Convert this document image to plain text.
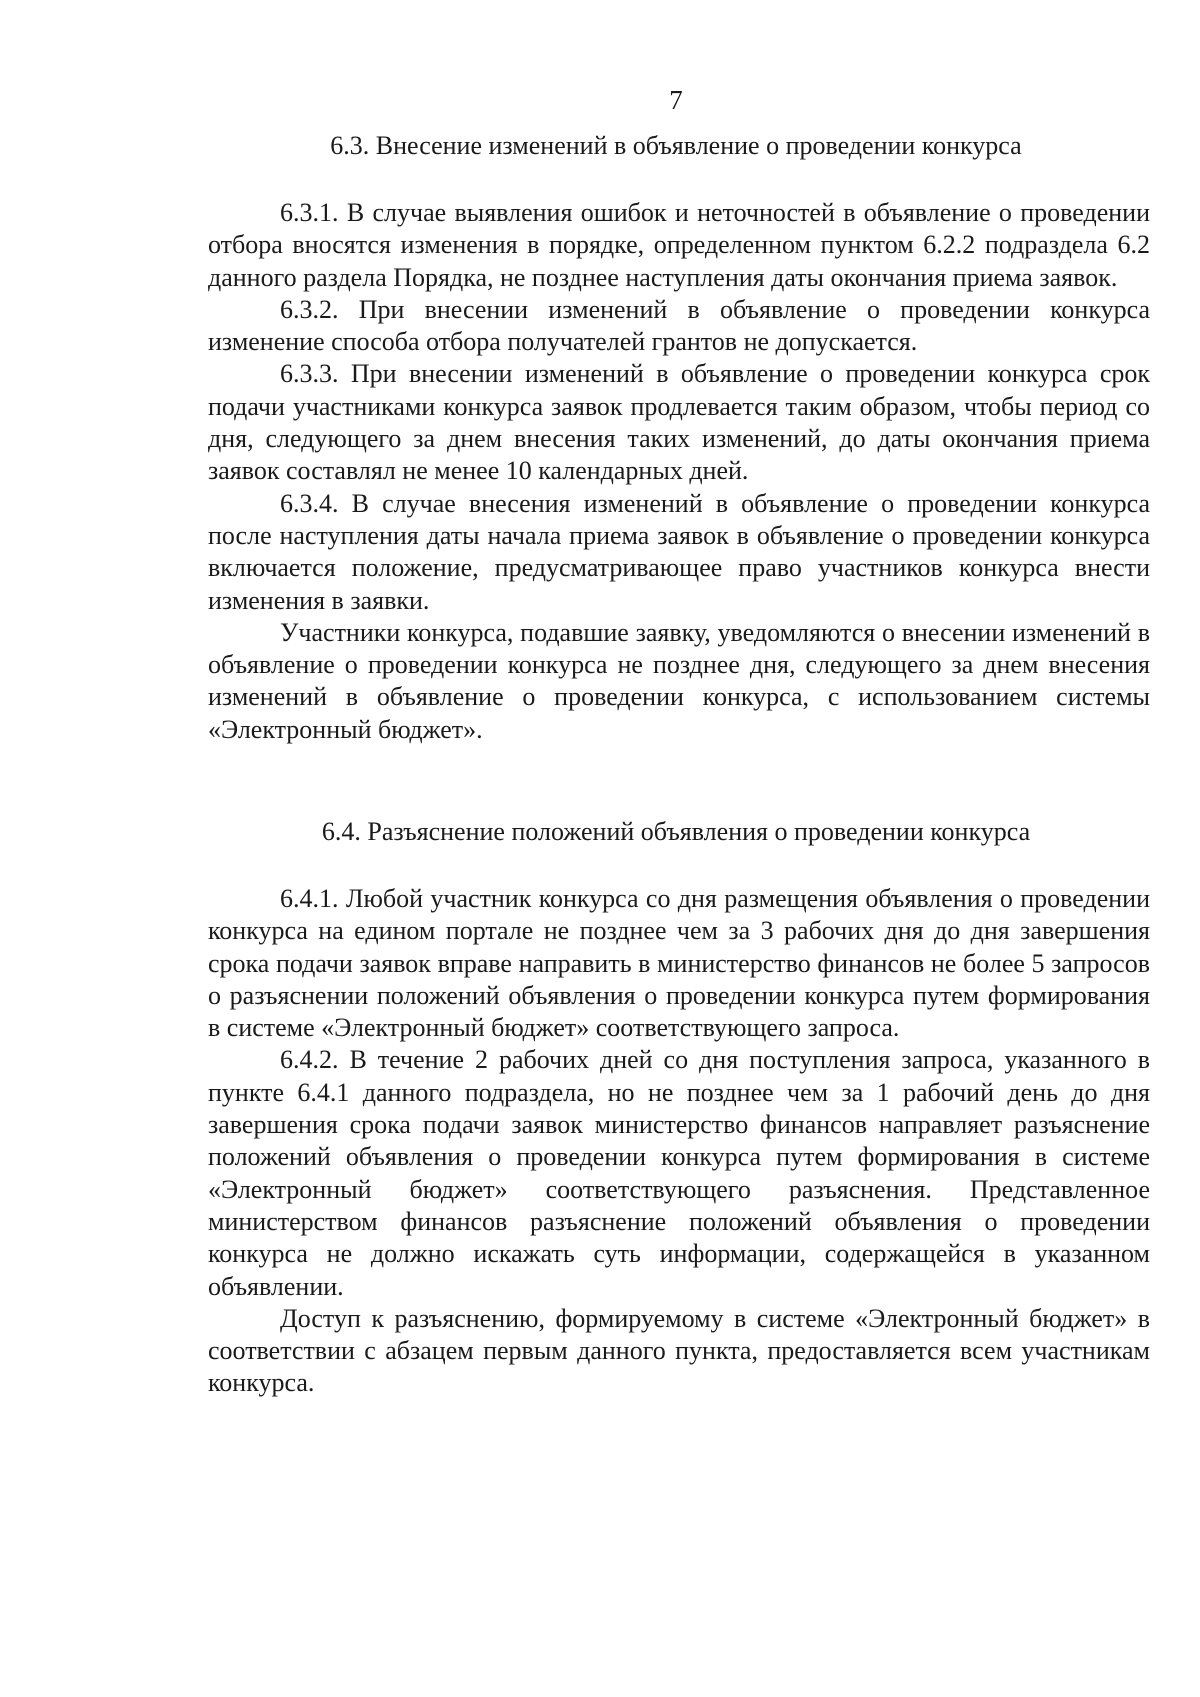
7
6.3. Внесение изменений в объявление о проведении конкурса

6.3.1. В случае выявления ошибок и неточностей в объявление о проведении отбора вносятся изменения в порядке, определенном пунктом 6.2.2 подраздела 6.2 данного раздела Порядка, не позднее наступления даты окончания приема заявок.

6.3.2. При внесении изменений в объявление о проведении конкурса изменение способа отбора получателей грантов не допускается.

6.3.3. При внесении изменений в объявление о проведении конкурса срок подачи участниками конкурса заявок продлевается таким образом, чтобы период со дня, следующего за днем внесения таких изменений, до даты окончания приема заявок составлял не менее 10 календарных дней.

6.3.4. В случае внесения изменений в объявление о проведении конкурса после наступления даты начала приема заявок в объявление о проведении конкурса включается положение, предусматривающее право участников конкурса внести изменения в заявки.

Участники конкурса, подавшие заявку, уведомляются о внесении изменений в объявление о проведении конкурса не позднее дня, следующего за днем внесения изменений в объявление о проведении конкурса, с использованием системы «Электронный бюджет».

6.4. Разъяснение положений объявления о проведении конкурса

6.4.1. Любой участник конкурса со дня размещения объявления о проведении конкурса на едином портале не позднее чем за 3 рабочих дня до дня завершения срока подачи заявок вправе направить в министерство финансов не более 5 запросов о разъяснении положений объявления о проведении конкурса путем формирования в системе «Электронный бюджет» соответствующего запроса.

6.4.2. В течение 2 рабочих дней со дня поступления запроса, указанного в пункте 6.4.1 данного подраздела, но не позднее чем за 1 рабочий день до дня завершения срока подачи заявок министерство финансов направляет разъяснение положений объявления о проведении конкурса путем формирования в системе «Электронный бюджет» соответствующего разъяснения. Представленное министерством финансов разъяснение положений объявления о проведении конкурса не должно искажать суть информации, содержащейся в указанном объявлении.

Доступ к разъяснению, формируемому в системе «Электронный бюджет» в соответствии с абзацем первым данного пункта, предоставляется всем участникам конкурса.
